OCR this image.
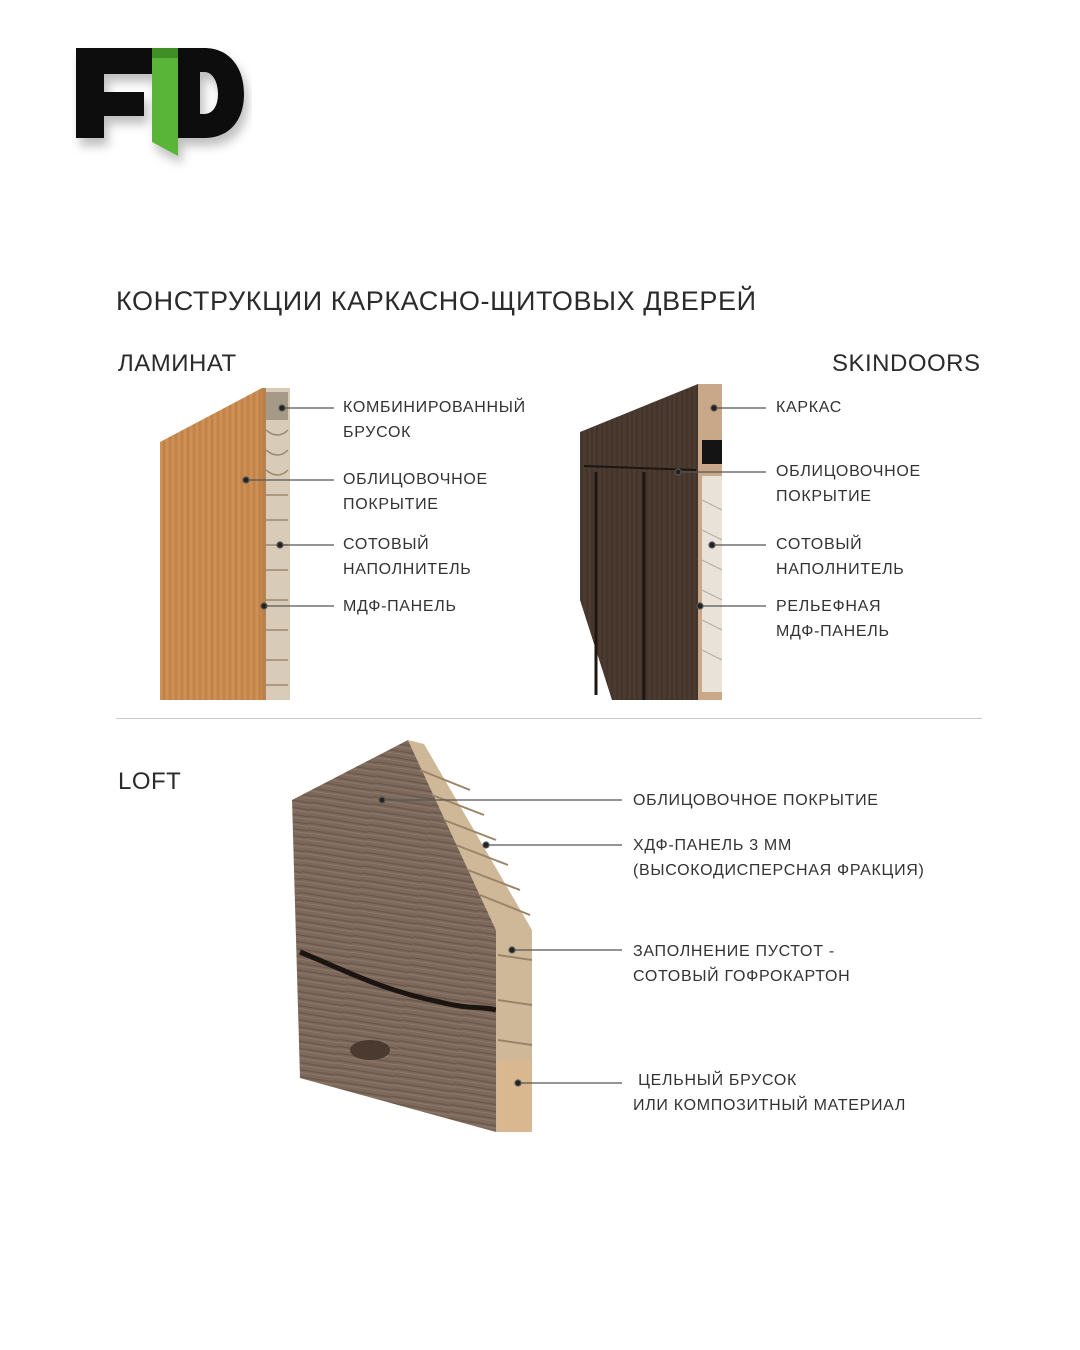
КОНСТРУКЦИИ КАРКАСНО-ЩИТОВЫХ ДВЕРЕЙ
ЛАМИНАТ	SKINDOORS
LOFT
КОМБИНИРОВАННЫЙ
БРУСОК
ОБЛИЦОВОЧНОЕ
ПОКРЫТИЕ
СОТОВЫЙ
НАПОЛНИТЕЛЬ
МДФ-ПАНЕЛЬ
КАРКАС
ОБЛИЦОВОЧНОЕ
ПОКРЫТИЕ
СОТОВЫЙ
НАПОЛНИТЕЛЬ
РЕЛЬЕФНАЯ
МДФ-ПАНЕЛЬ
ОБЛИЦОВОЧНОЕ ПОКРЫТИЕ
ХДФ-ПАНЕЛЬ 3 ММ
(ВЫСОКОДИСПЕРСНАЯ ФРАКЦИЯ)
ЗАПОЛНЕНИЕ ПУСТОТ -
СОТОВЫЙ ГОФРОКАРТОН
ЦЕЛЬНЫЙ БРУСОК
ИЛИ КОМПОЗИТНЫЙ МАТЕРИАЛ
